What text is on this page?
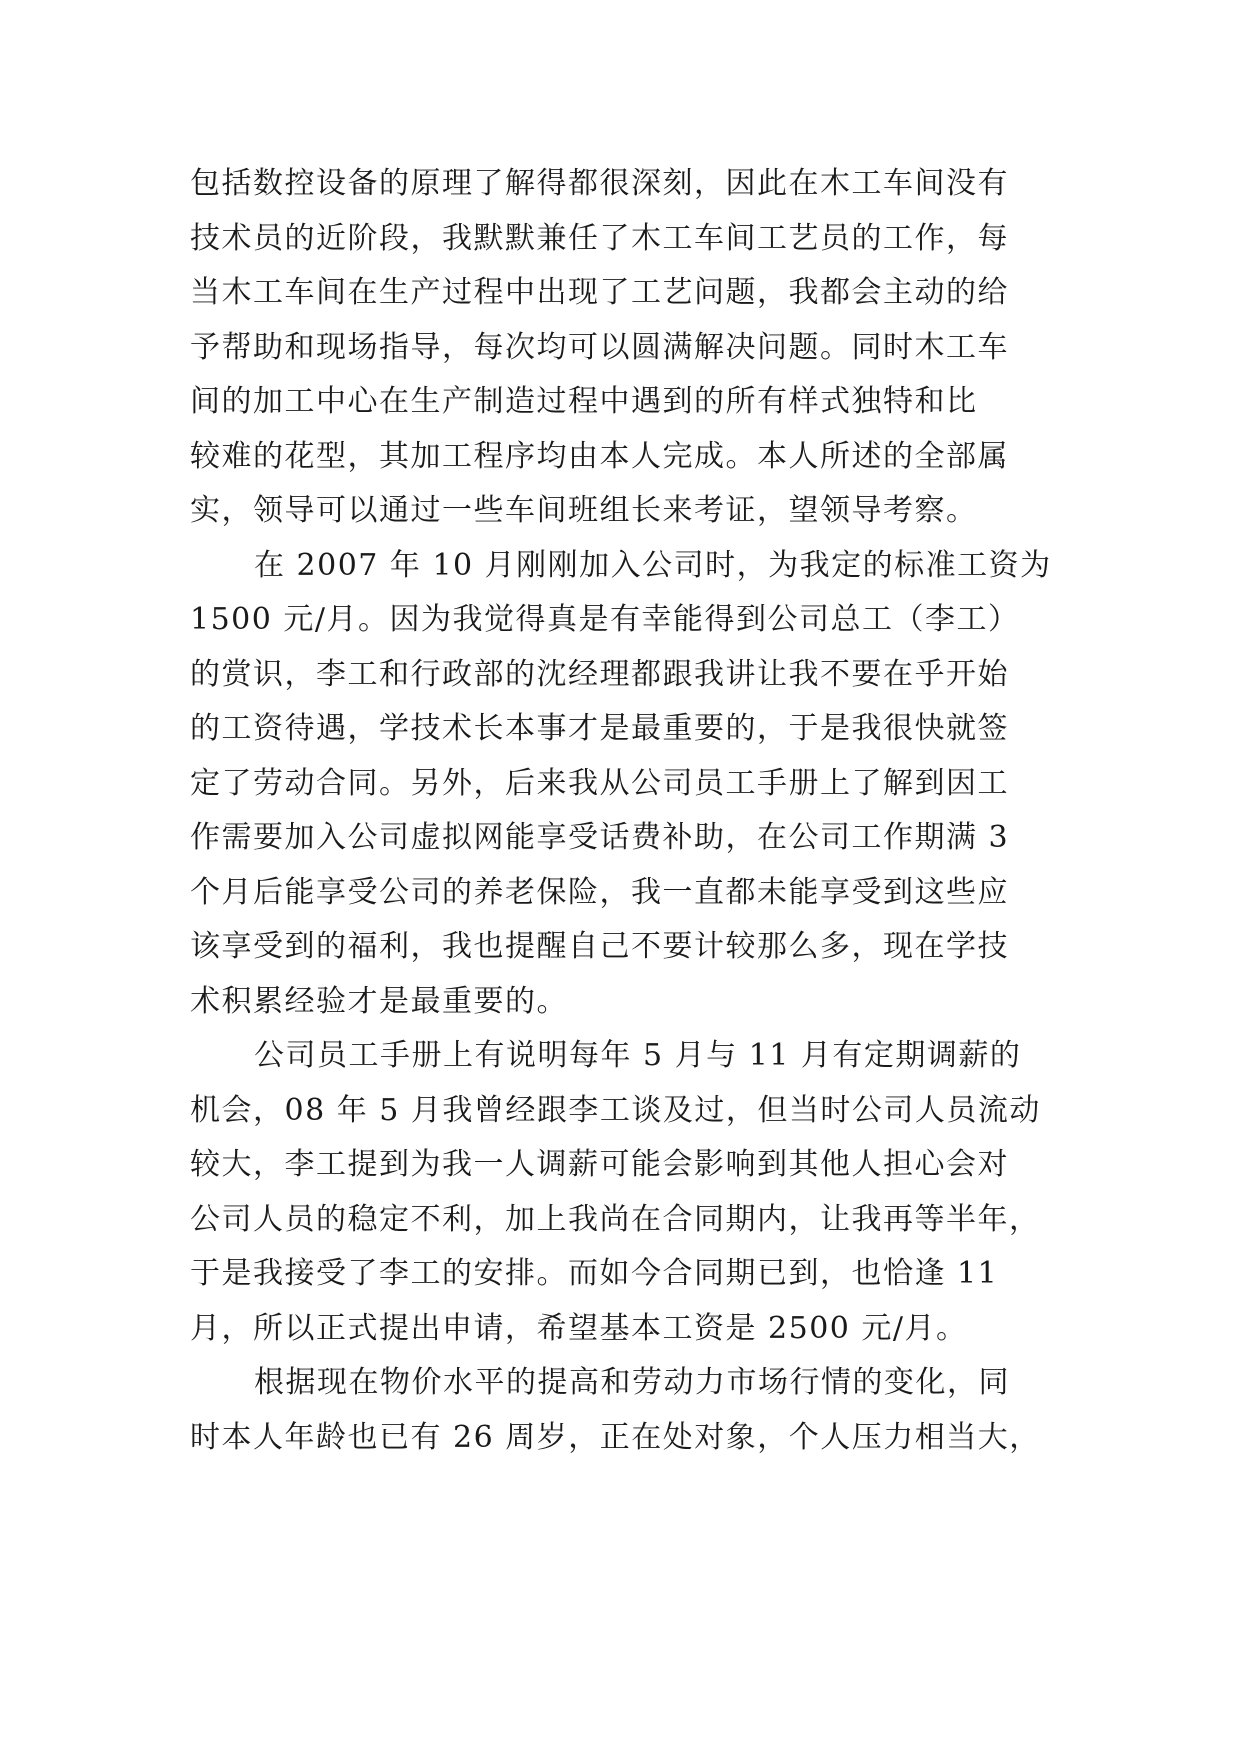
包括数控设备的原理了解得都很深刻，因此在木工车间没有
技术员的近阶段，我默默兼任了木工车间工艺员的工作，每
当木工车间在生产过程中出现了工艺问题，我都会主动的给
予帮助和现场指导，每次均可以圆满解决问题。同时木工车
间的加工中心在生产制造过程中遇到的所有样式独特和比
较难的花型，其加工程序均由本人完成。本人所述的全部属
实，领导可以通过一些车间班组长来考证，望领导考察。
在 2007 年 10 月刚刚加入公司时，为我定的标准工资为
1500 元/月。因为我觉得真是有幸能得到公司总工（李工）
的赏识，李工和行政部的沈经理都跟我讲让我不要在乎开始
的工资待遇，学技术长本事才是最重要的，于是我很快就签
定了劳动合同。另外，后来我从公司员工手册上了解到因工
作需要加入公司虚拟网能享受话费补助，在公司工作期满 3
个月后能享受公司的养老保险，我一直都未能享受到这些应
该享受到的福利，我也提醒自己不要计较那么多，现在学技
术积累经验才是最重要的。
公司员工手册上有说明每年 5 月与 11 月有定期调薪的
机会，08 年 5 月我曾经跟李工谈及过，但当时公司人员流动
较大，李工提到为我一人调薪可能会影响到其他人担心会对
公司人员的稳定不利，加上我尚在合同期内，让我再等半年，
于是我接受了李工的安排。而如今合同期已到，也恰逢 11
月，所以正式提出申请，希望基本工资是 2500 元/月。
根据现在物价水平的提高和劳动力市场行情的变化，同
时本人年龄也已有 26 周岁，正在处对象，个人压力相当大，
